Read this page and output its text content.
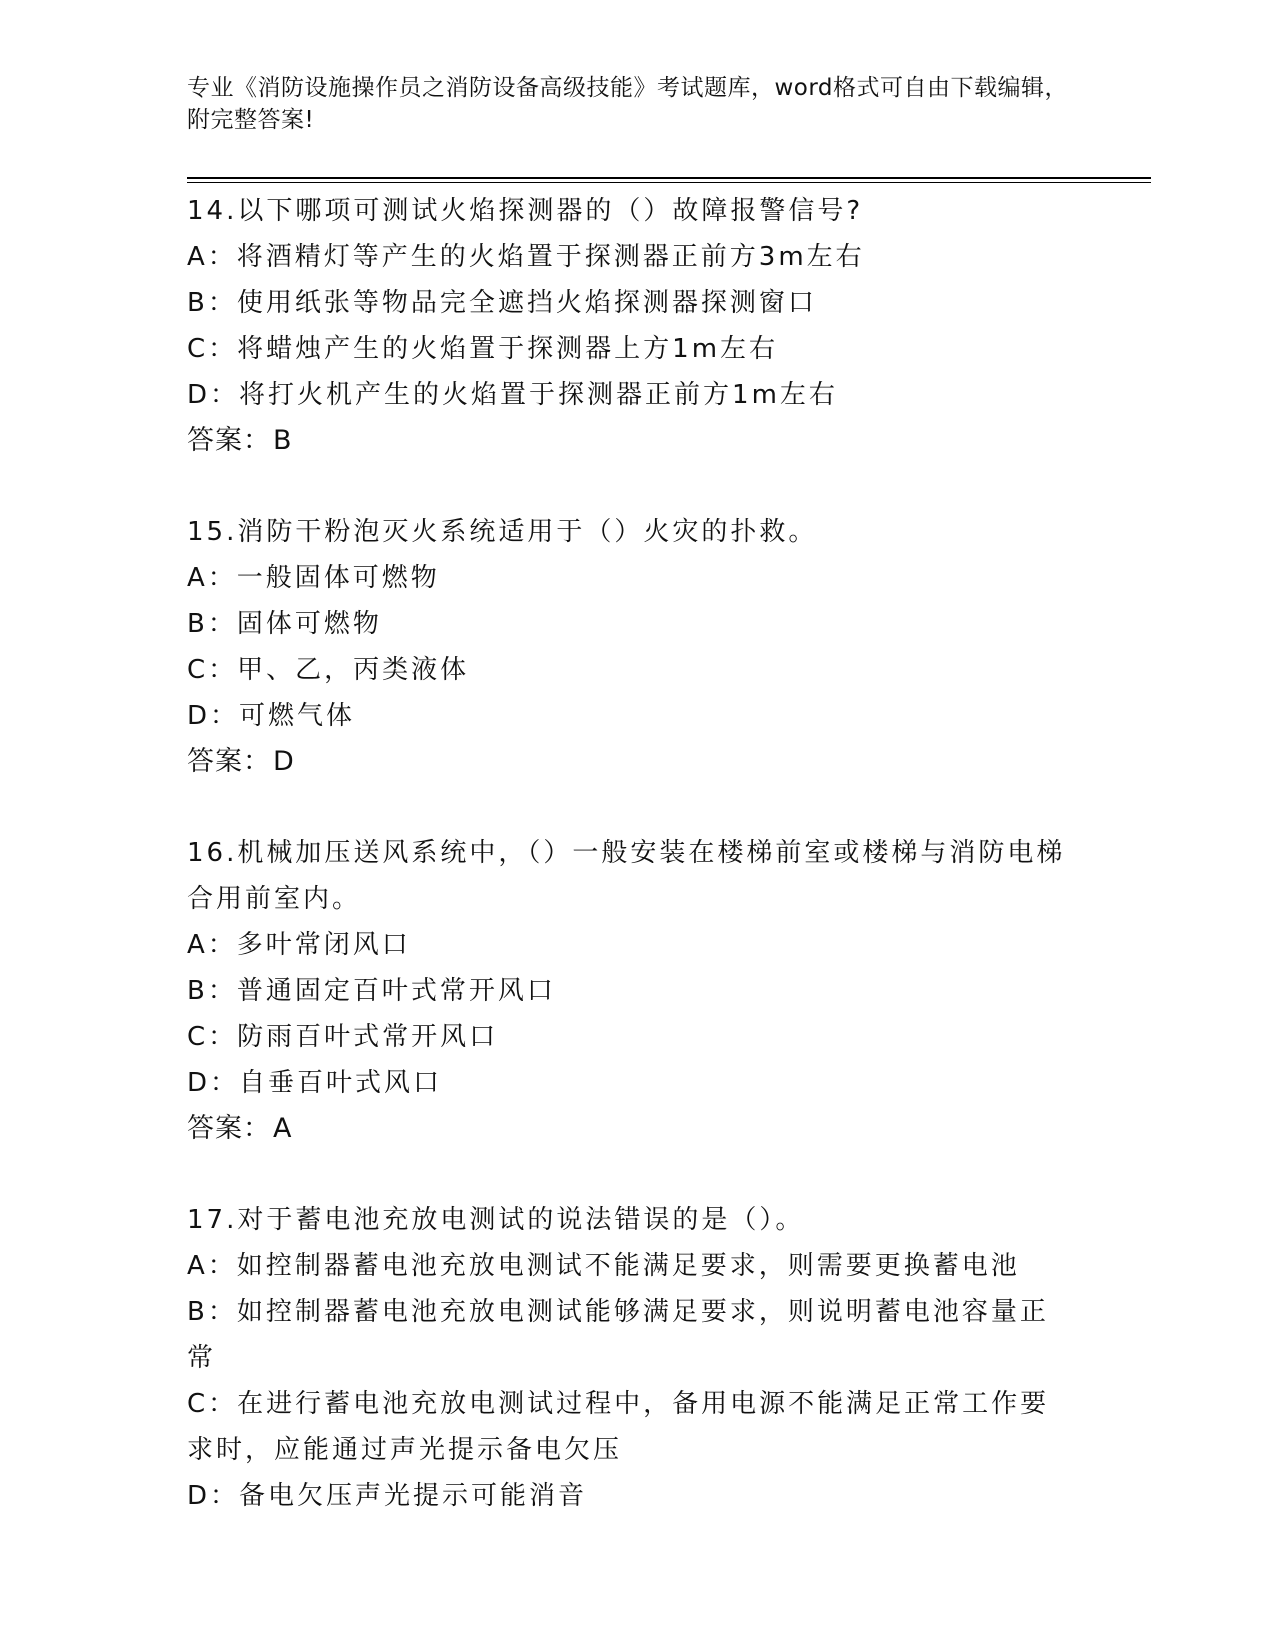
专业《消防设施操作员之消防设备高级技能》考试题库，word格式可自由下载编辑，附完整答案!

14.以下哪项可测试火焰探测器的（）故障报警信号?

A：将酒精灯等产生的火焰置于探测器正前方3m左右

B：使用纸张等物品完全遮挡火焰探测器探测窗口

C：将蜡烛产生的火焰置于探测器上方1m左右

D：将打火机产生的火焰置于探测器正前方1m左右

答案：B

15.消防干粉泡灭火系统适用于（）火灾的扑救。

A：一般固体可燃物

B：固体可燃物

C：甲、乙，丙类液体

D：可燃气体

答案：D

16.机械加压送风系统中，（）一般安装在楼梯前室或楼梯与消防电梯合用前室内。

A：多叶常闭风口

B：普通固定百叶式常开风口

C：防雨百叶式常开风口

D：自垂百叶式风口

答案：A

17.对于蓄电池充放电测试的说法错误的是（）。

A：如控制器蓄电池充放电测试不能满足要求，则需要更换蓄电池

B：如控制器蓄电池充放电测试能够满足要求，则说明蓄电池容量正常

C：在进行蓄电池充放电测试过程中，备用电源不能满足正常工作要求时，应能通过声光提示备电欠压

D：备电欠压声光提示可能消音
